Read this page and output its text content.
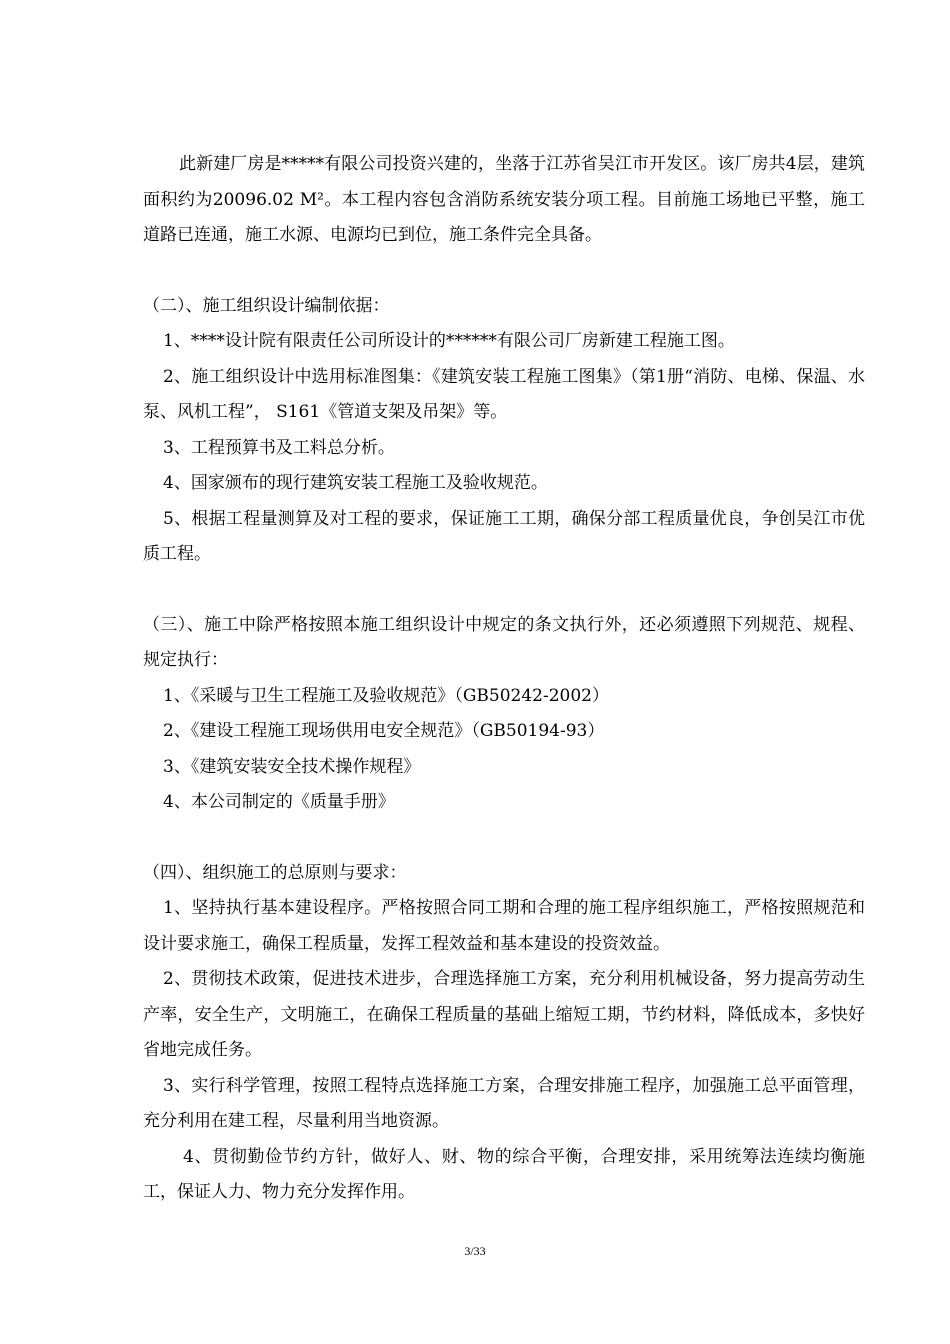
此新建厂房是*****有限公司投资兴建的，坐落于江苏省吴江市开发区。该厂房共4层，建筑面积约为20096.02 M²。本工程内容包含消防系统安装分项工程。目前施工场地已平整，施工道路已连通，施工水源、电源均已到位，施工条件完全具备。

（二）、施工组织设计编制依据：

1、****设计院有限责任公司所设计的******有限公司厂房新建工程施工图。

2、施工组织设计中选用标准图集：《建筑安装工程施工图集》（第1册“消防、电梯、保温、水泵、风机工程”， S161《管道支架及吊架》等。

3、工程预算书及工料总分析。

4、国家颁布的现行建筑安装工程施工及验收规范。

5、根据工程量测算及对工程的要求，保证施工工期，确保分部工程质量优良，争创吴江市优质工程。

（三）、施工中除严格按照本施工组织设计中规定的条文执行外，还必须遵照下列规范、规程、规定执行：

1、《采暖与卫生工程施工及验收规范》（GB50242-2002）

2、《建设工程施工现场供用电安全规范》（GB50194-93）

3、《建筑安装安全技术操作规程》

4、本公司制定的《质量手册》

（四）、组织施工的总原则与要求：

1、坚持执行基本建设程序。严格按照合同工期和合理的施工程序组织施工，严格按照规范和设计要求施工，确保工程质量，发挥工程效益和基本建设的投资效益。

2、贯彻技术政策，促进技术进步，合理选择施工方案，充分利用机械设备，努力提高劳动生产率，安全生产，文明施工，在确保工程质量的基础上缩短工期，节约材料，降低成本，多快好省地完成任务。

3、实行科学管理，按照工程特点选择施工方案，合理安排施工程序，加强施工总平面管理，充分利用在建工程，尽量利用当地资源。

4、贯彻勤俭节约方针，做好人、财、物的综合平衡，合理安排，采用统筹法连续均衡施工，保证人力、物力充分发挥作用。

3/33
